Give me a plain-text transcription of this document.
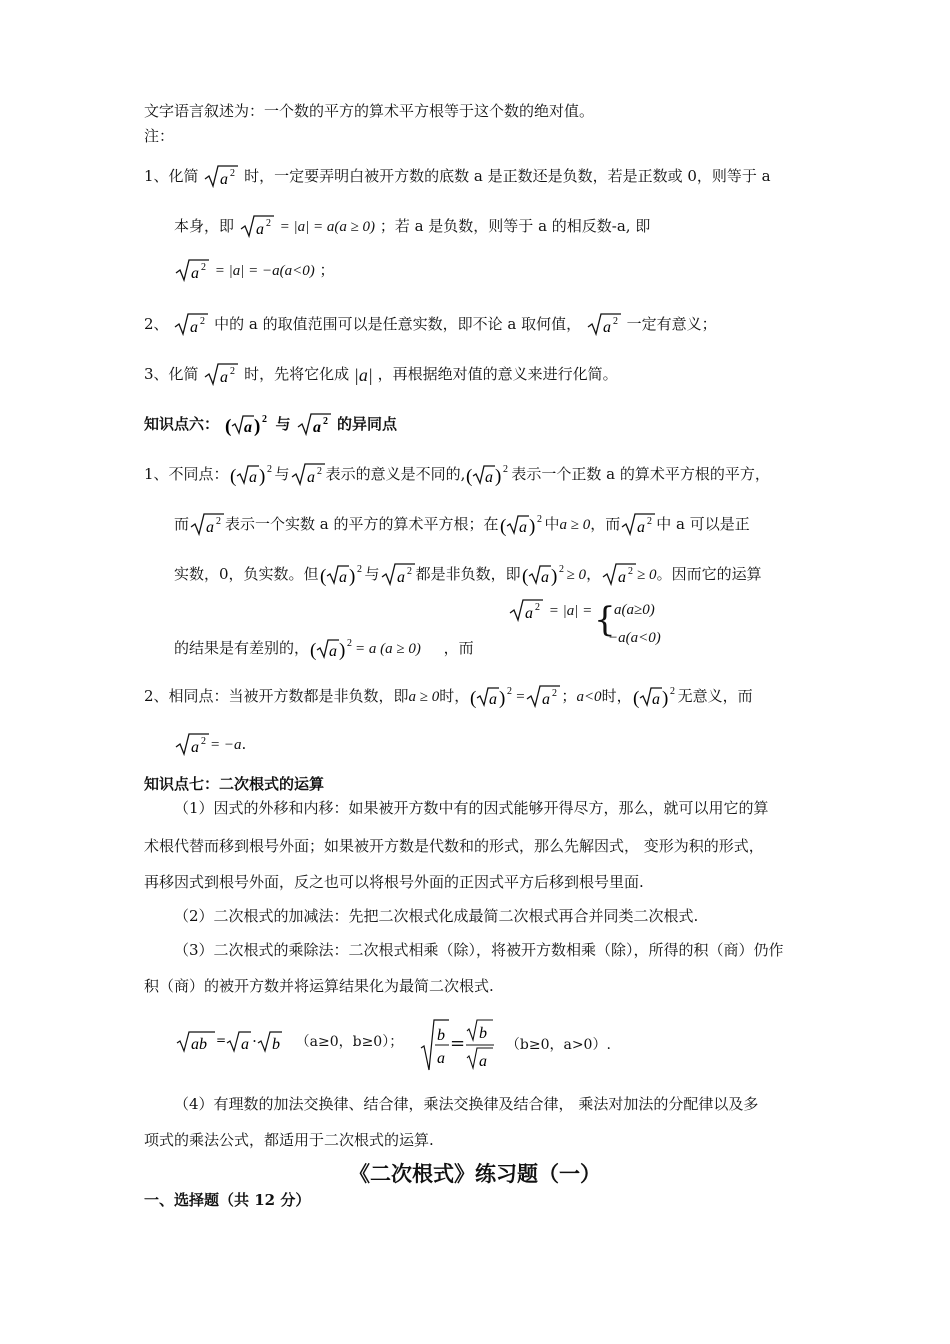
文字语言叙述为：一个数的平方的算术平方根等于这个数的绝对值。
注：
1、化简 a 2 时，一定要弄明白被开方数的底数 a 是正数还是负数，若是正数或 0，则等于 a
本身，即 a 2 = |a| = a(a ≥ 0) ；若 a 是负数，则等于 a 的相反数-a, 即
a 2 = |a| = −a(a<0) ；
2、 a 2 中的 a 的取值范围可以是任意实数，即不论 a 取何值， a 2 一定有意义；
3、化简 a 2 时，先将它化成 |a| ，再根据绝对值的意义来进行化简。
知识点六： ( a ) 2 与 a 2 的异同点
1、不同点： ( a ) 2 与 a 2 表示的意义是不同的, ( a ) 2 表示一个正数 a 的算术平方根的平方，
而 a 2 表示一个实数 a 的平方的算术平方根；在 ( a ) 2 中a ≥ 0，而 a 2 中 a 可以是正
实数，0，负实数。但 ( a ) 2 与 a 2 都是非负数，即 ( a ) 2 ≥ 0， a 2 ≥ 0。因而它的运算
的结果是有差别的， ( a ) 2 = a (a ≥ 0) ，而
a 2 = |a| = {
a(a≥0)
−a(a<0)
2、相同点：当被开方数都是非负数，即a ≥ 0时， ( a ) 2 = a 2 ；a<0时， ( a ) 2 无意义，而
a 2 = −a.
知识点七：二次根式的运算
（1）因式的外移和内移：如果被开方数中有的因式能够开得尽方，那么，就可以用它的算
术根代替而移到根号外面；如果被开方数是代数和的形式，那么先解因式， 变形为积的形式，
再移因式到根号外面，反之也可以将根号外面的正因式平方后移到根号里面.
（2）二次根式的加减法：先把二次根式化成最简二次根式再合并同类二次根式.
（3）二次根式的乘除法：二次根式相乘（除），将被开方数相乘（除），所得的积（商）仍作
积（商）的被开方数并将运算结果化为最简二次根式.
ab = a · b （a≥0，b≥0）； b
a
= b
a
（b≥0，a>0）.
（4）有理数的加法交换律、结合律，乘法交换律及结合律， 乘法对加法的分配律以及多
项式的乘法公式，都适用于二次根式的运算.
《二次根式》练习题（一）
一、选择题（共 12 分）
